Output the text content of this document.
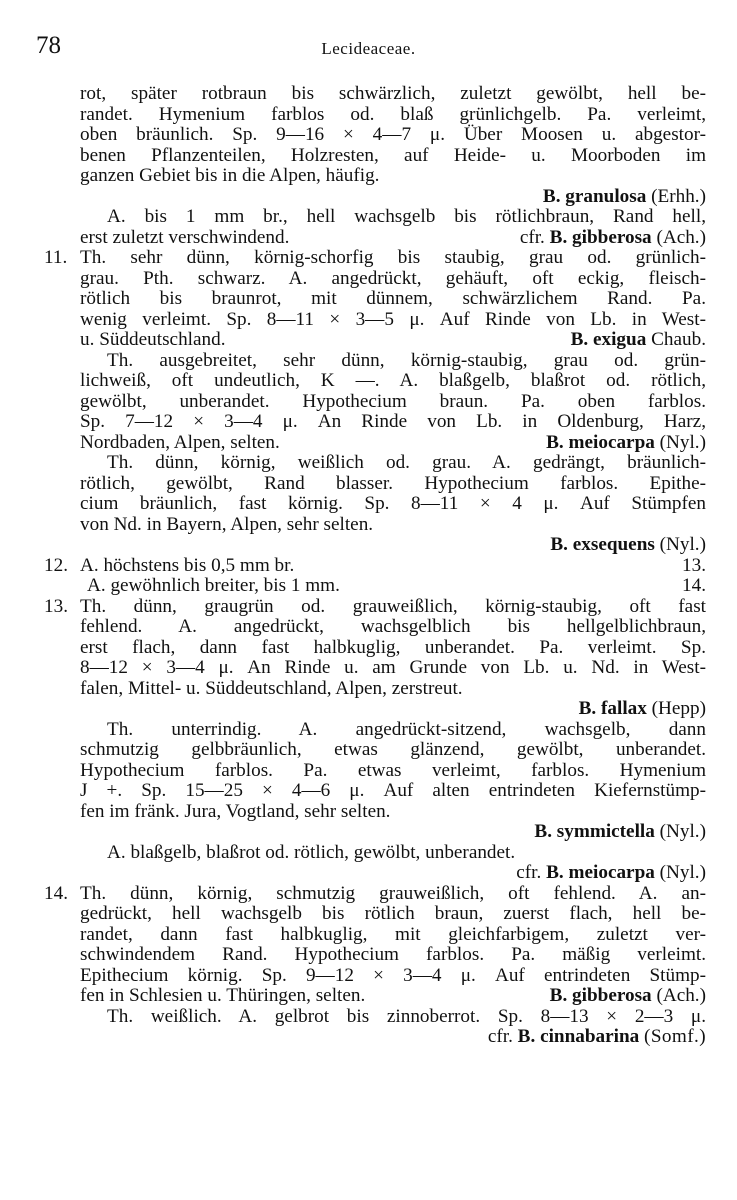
78	Lecideaceae.
rot, später rotbraun bis schwärzlich, zuletzt gewölbt, hell be-
randet. Hymenium farblos od. blaß grünlichgelb. Pa. verleimt,
oben bräunlich. Sp. 9—16 × 4—7 μ. Über Moosen u. abgestor-
benen Pflanzenteilen, Holzresten, auf Heide- u. Moorboden im
ganzen Gebiet bis in die Alpen, häufig.
B. granulosa (Erhh.)
A. bis 1 mm br., hell wachsgelb bis rötlichbraun, Rand hell,
erst zuletzt verschwindend.	cfr. B. gibberosa (Ach.)
11. Th. sehr dünn, körnig-schorfig bis staubig, grau od. grünlich-
grau. Pth. schwarz. A. angedrückt, gehäuft, oft eckig, fleisch-
rötlich bis braunrot, mit dünnem, schwärzlichem Rand. Pa.
wenig verleimt. Sp. 8—11 × 3—5 μ. Auf Rinde von Lb. in West-
u. Süddeutschland.	B. exigua Chaub.
Th. ausgebreitet, sehr dünn, körnig-staubig, grau od. grün-
lichweiß, oft undeutlich, K —. A. blaßgelb, blaßrot od. rötlich,
gewölbt, unberandet. Hypothecium braun. Pa. oben farblos.
Sp. 7—12 × 3—4 μ. An Rinde von Lb. in Oldenburg, Harz,
Nordbaden, Alpen, selten.	B. meiocarpa (Nyl.)
Th. dünn, körnig, weißlich od. grau. A. gedrängt, bräunlich-
rötlich, gewölbt, Rand blasser. Hypothecium farblos. Epithe-
cium bräunlich, fast körnig. Sp. 8—11 × 4 μ. Auf Stümpfen
von Nd. in Bayern, Alpen, sehr selten.
B. exsequens (Nyl.)
12. A. höchstens bis 0,5 mm br.	13.
A. gewöhnlich breiter, bis 1 mm.	14.
13. Th. dünn, graugrün od. grauweißlich, körnig-staubig, oft fast
fehlend. A. angedrückt, wachsgelblich bis hellgelblichbraun,
erst flach, dann fast halbkuglig, unberandet. Pa. verleimt. Sp.
8—12 × 3—4 μ. An Rinde u. am Grunde von Lb. u. Nd. in West-
falen, Mittel- u. Süddeutschland, Alpen, zerstreut.
B. fallax (Hepp)
Th. unterrindig. A. angedrückt-sitzend, wachsgelb, dann
schmutzig gelbbräunlich, etwas glänzend, gewölbt, unberandet.
Hypothecium farblos. Pa. etwas verleimt, farblos. Hymenium
J +. Sp. 15—25 × 4—6 μ. Auf alten entrindeten Kiefernstümp-
fen im fränk. Jura, Vogtland, sehr selten.
B. symmictella (Nyl.)
A. blaßgelb, blaßrot od. rötlich, gewölbt, unberandet.
cfr. B. meiocarpa (Nyl.)
14. Th. dünn, körnig, schmutzig grauweißlich, oft fehlend. A. an-
gedrückt, hell wachsgelb bis rötlich braun, zuerst flach, hell be-
randet, dann fast halbkuglig, mit gleichfarbigem, zuletzt ver-
schwindendem Rand. Hypothecium farblos. Pa. mäßig verleimt.
Epithecium körnig. Sp. 9—12 × 3—4 μ. Auf entrindeten Stümp-
fen in Schlesien u. Thüringen, selten.	B. gibberosa (Ach.)
Th. weißlich. A. gelbrot bis zinnoberrot. Sp. 8—13 × 2—3 μ.
cfr. B. cinnabarina (Somf.)
